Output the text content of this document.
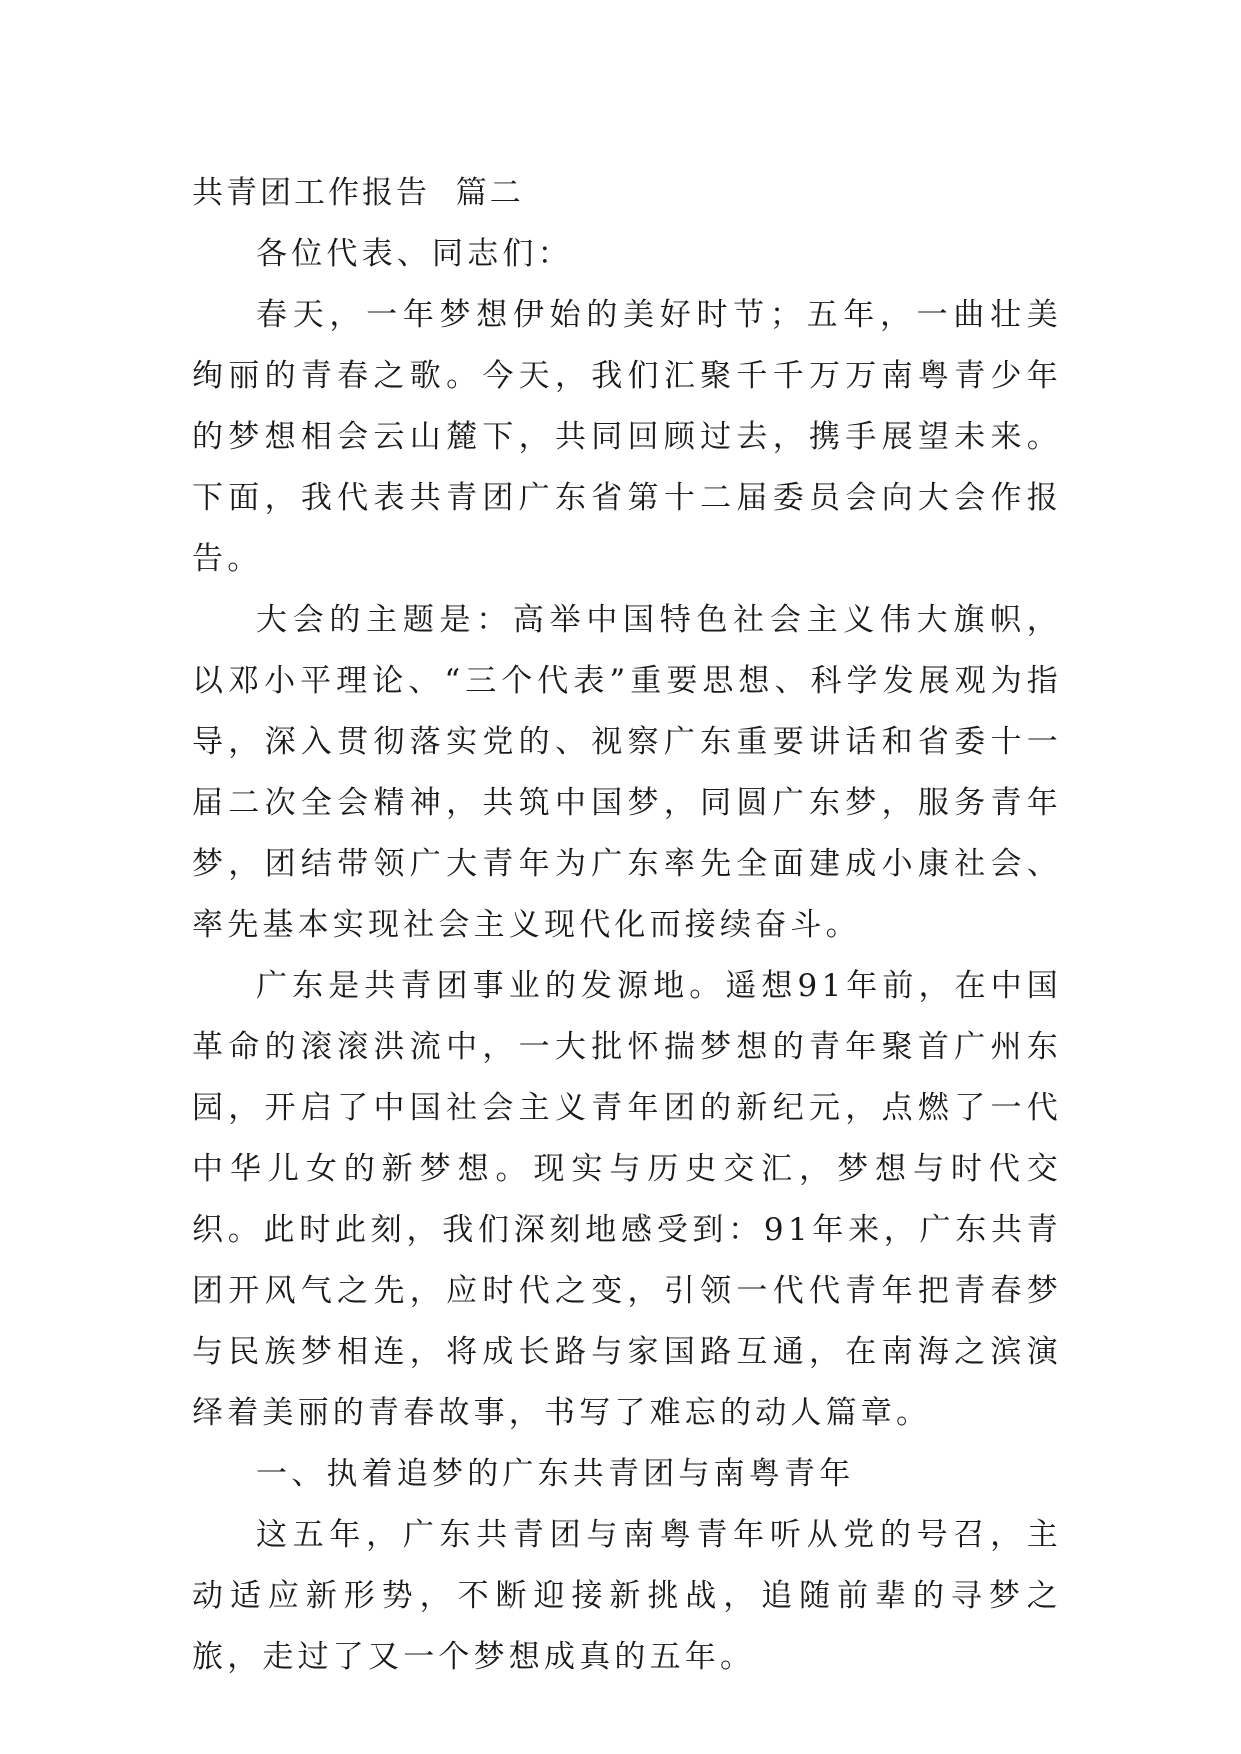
共青团工作报告  篇二

各位代表、同志们：

春天，一年梦想伊始的美好时节；五年，一曲壮美绚丽的青春之歌。今天，我们汇聚千千万万南粤青少年的梦想相会云山麓下，共同回顾过去，携手展望未来。下面，我代表共青团广东省第十二届委员会向大会作报告。

大会的主题是：高举中国特色社会主义伟大旗帜，以邓小平理论、“三个代表”重要思想、科学发展观为指导，深入贯彻落实党的、视察广东重要讲话和省委十一届二次全会精神，共筑中国梦，同圆广东梦，服务青年梦，团结带领广大青年为广东率先全面建成小康社会、率先基本实现社会主义现代化而接续奋斗。

广东是共青团事业的发源地。遥想91年前，在中国革命的滚滚洪流中，一大批怀揣梦想的青年聚首广州东园，开启了中国社会主义青年团的新纪元，点燃了一代中华儿女的新梦想。现实与历史交汇，梦想与时代交织。此时此刻，我们深刻地感受到：91年来，广东共青团开风气之先，应时代之变，引领一代代青年把青春梦与民族梦相连，将成长路与家国路互通，在南海之滨演绎着美丽的青春故事，书写了难忘的动人篇章。

一、执着追梦的广东共青团与南粤青年

这五年，广东共青团与南粤青年听从党的号召，主动适应新形势，不断迎接新挑战，追随前辈的寻梦之旅，走过了又一个梦想成真的五年。
